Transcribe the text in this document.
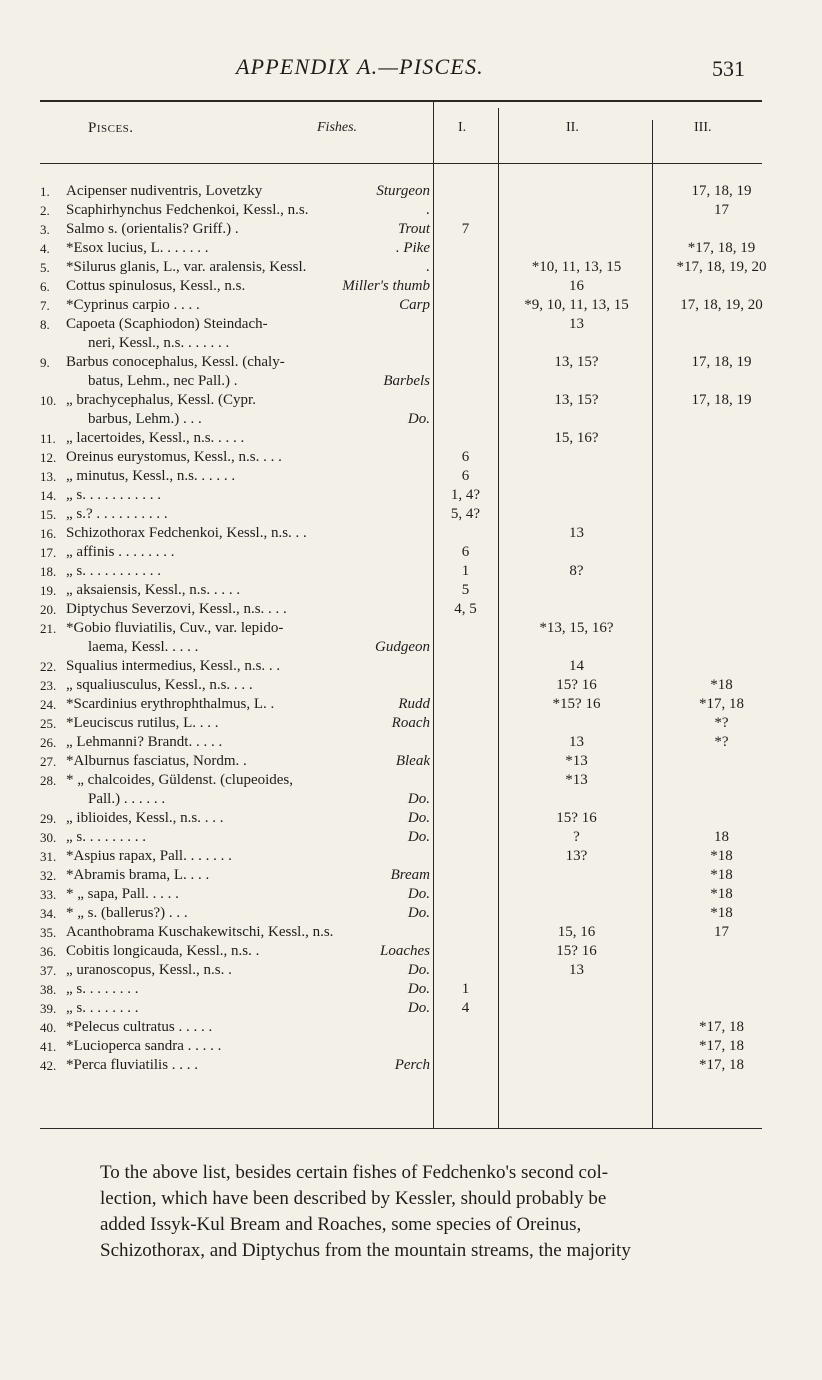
APPENDIX A.—PISCES.	531
Pisces.	Fishes.	I.	II.	III.
1.	Acipenser nudiventris, Lovetzky Sturgeon			17, 18, 19
2.	Scaphirhynchus Fedchenkoi, Kessl., n.s. .			17
3.	Salmo s. (orientalis? Griff.) . Trout	7		
4.	*Esox lucius, L. . . . . . . . Pike			*17, 18, 19
5.	*Silurus glanis, L., var. aralensis, Kessl. .		*10, 11, 13, 15	*17, 18, 19, 20
6.	Cottus spinulosus, Kessl., n.s. Miller's thumb		16	
7.	*Cyprinus carpio . . . . Carp		*9, 10, 11, 13, 15	17, 18, 19, 20
8.	Capoeta (Scaphiodon) Steindach-
neri, Kessl., n.s. . . . . . .		13	
9.	Barbus conocephalus, Kessl. (chaly-
batus, Lehm., nec Pall.) . Barbels		13, 15?	17, 18, 19
10.	„ brachycephalus, Kessl. (Cypr.
barbus, Lehm.) . . . Do.		13, 15?	17, 18, 19
11.	„ lacertoides, Kessl., n.s. . . . .		15, 16?	
12.	Oreinus eurystomus, Kessl., n.s. . . .	6		
13.	„ minutus, Kessl., n.s. . . . . .	6		
14.	„ s. . . . . . . . . . .	1, 4?		
15.	„ s.? . . . . . . . . . .	5, 4?		
16.	Schizothorax Fedchenkoi, Kessl., n.s. . .		13	
17.	„ affinis . . . . . . . .	6		
18.	„ s. . . . . . . . . . .	1	8?	
19.	„ aksaiensis, Kessl., n.s. . . . .	5		
20.	Diptychus Severzovi, Kessl., n.s. . . .	4, 5		
21.	*Gobio fluviatilis, Cuv., var. lepido-
laema, Kessl. . . . . Gudgeon		*13, 15, 16?	
22.	Squalius intermedius, Kessl., n.s. . .		14	
23.	„ squaliusculus, Kessl., n.s. . . .		15? 16	*18
24.	*Scardinius erythrophthalmus, L. . Rudd		*15? 16	*17, 18
25.	*Leuciscus rutilus, L. . . . Roach			*?
26.	„ Lehmanni? Brandt. . . . .		13	*?
27.	*Alburnus fasciatus, Nordm. . Bleak		*13	
28.	* „ chalcoides, Güldenst. (clupeoides,
Pall.) . . . . . . Do.		*13	
29.	„ iblioides, Kessl., n.s. . . . Do.		15? 16	
30.	„ s. . . . . . . . . Do.		?	18
31.	*Aspius rapax, Pall. . . . . . .		13?	*18
32.	*Abramis brama, L. . . . Bream			*18
33.	* „ sapa, Pall. . . . . Do.			*18
34.	* „ s. (ballerus?) . . . Do.			*18
35.	Acanthobrama Kuschakewitschi, Kessl., n.s.		15, 16	17
36.	Cobitis longicauda, Kessl., n.s. . Loaches		15? 16	
37.	„ uranoscopus, Kessl., n.s. . Do.		13	
38.	„ s. . . . . . . . Do.	1		
39.	„ s. . . . . . . . Do.	4		
40.	*Pelecus cultratus . . . . .			*17, 18
41.	*Lucioperca sandra . . . . .			*17, 18
42.	*Perca fluviatilis . . . . Perch			*17, 18
To the above list, besides certain fishes of Fedchenko's second col-
lection, which have been described by Kessler, should probably be
added Issyk-Kul Bream and Roaches, some species of Oreinus,
Schizothorax, and Diptychus from the mountain streams, the majority
